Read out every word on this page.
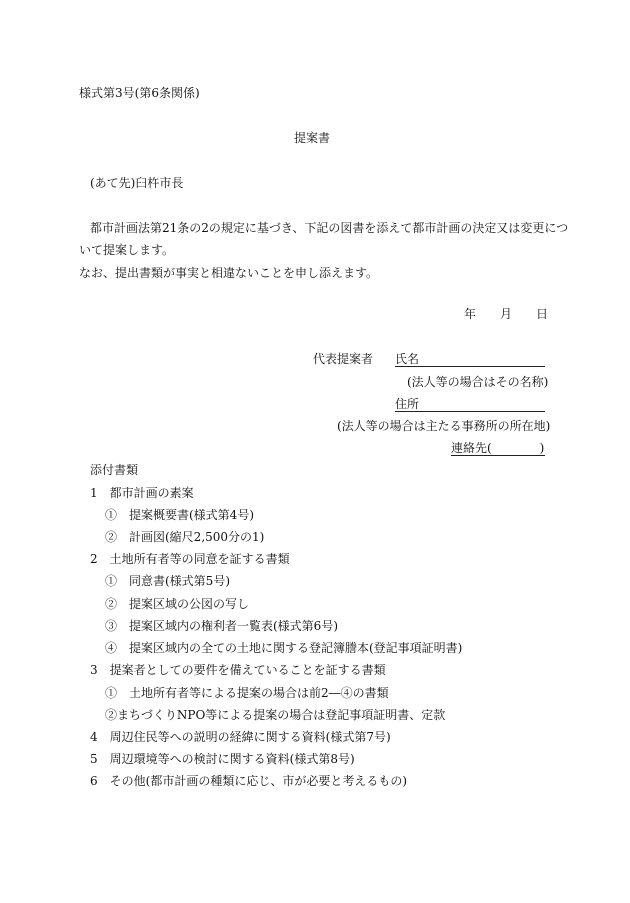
様式第3号(第6条関係)
提案書
(あて先)臼杵市長
都市計画法第21条の2の規定に基づき、下記の図書を添えて都市計画の決定又は変更につ
いて提案します。
なお、提出書類が事実と相違ないことを申し添えます。
年 月 日
代表提案者 氏名
(法人等の場合はその名称)
住所
(法人等の場合は主たる事務所の所在地)
連絡先(　　　　)
添付書類
1　都市計画の素案
①　提案概要書(様式第4号)
②　計画図(縮尺2,500分の1)
2　土地所有者等の同意を証する書類
①　同意書(様式第5号)
②　提案区域の公図の写し
③　提案区域内の権利者一覧表(様式第6号)
④　提案区域内の全ての土地に関する登記簿謄本(登記事項証明書)
3　提案者としての要件を備えていることを証する書類
①　土地所有者等による提案の場合は前2―④の書類
②まちづくりNPO等による提案の場合は登記事項証明書、定款
4　周辺住民等への説明の経緯に関する資料(様式第7号)
5　周辺環境等への検討に関する資料(様式第8号)
6　その他(都市計画の種類に応じ、市が必要と考えるもの)
